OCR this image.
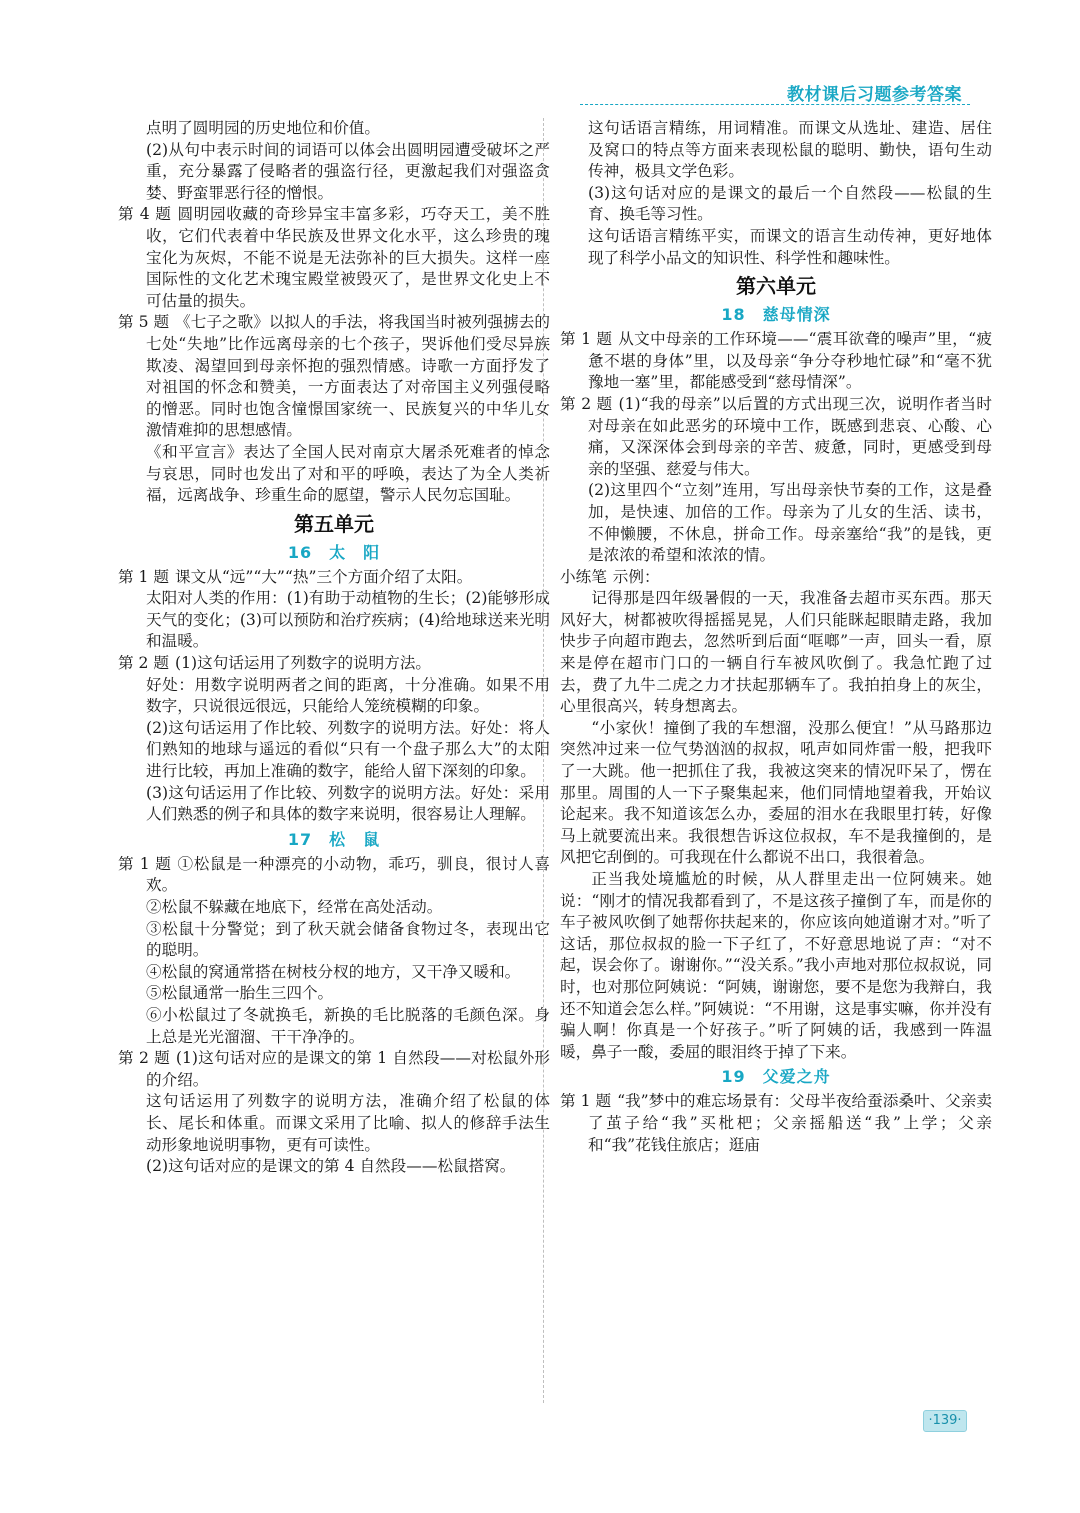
教材课后习题参考答案

点明了圆明园的历史地位和价值。

(2)从句中表示时间的词语可以体会出圆明园遭受破坏之严重，充分暴露了侵略者的强盗行径，更激起我们对强盗贪婪、野蛮罪恶行径的憎恨。

第 4 题 圆明园收藏的奇珍异宝丰富多彩，巧夺天工，美不胜收，它们代表着中华民族及世界文化水平，这么珍贵的瑰宝化为灰烬，不能不说是无法弥补的巨大损失。这样一座国际性的文化艺术瑰宝殿堂被毁灭了，是世界文化史上不可估量的损失。

第 5 题 《七子之歌》以拟人的手法，将我国当时被列强掳去的七处“失地”比作远离母亲的七个孩子，哭诉他们受尽异族欺凌、渴望回到母亲怀抱的强烈情感。诗歌一方面抒发了对祖国的怀念和赞美，一方面表达了对帝国主义列强侵略的憎恶。同时也饱含憧憬国家统一、民族复兴的中华儿女激情难抑的思想感情。

《和平宣言》表达了全国人民对南京大屠杀死难者的悼念与哀思，同时也发出了对和平的呼唤，表达了为全人类祈福，远离战争、珍重生命的愿望，警示人民勿忘国耻。

第五单元
16　太　阳

第 1 题 课文从“远”“大”“热”三个方面介绍了太阳。

太阳对人类的作用：(1)有助于动植物的生长；(2)能够形成天气的变化；(3)可以预防和治疗疾病；(4)给地球送来光明和温暖。

第 2 题 (1)这句话运用了列数字的说明方法。

好处：用数字说明两者之间的距离，十分准确。如果不用数字，只说很远很远，只能给人笼统模糊的印象。

(2)这句话运用了作比较、列数字的说明方法。好处：将人们熟知的地球与遥远的看似“只有一个盘子那么大”的太阳进行比较，再加上准确的数字，能给人留下深刻的印象。

(3)这句话运用了作比较、列数字的说明方法。好处：采用人们熟悉的例子和具体的数字来说明，很容易让人理解。

17　松　鼠

第 1 题 ①松鼠是一种漂亮的小动物，乖巧，驯良，很讨人喜欢。

②松鼠不躲藏在地底下，经常在高处活动。

③松鼠十分警觉；到了秋天就会储备食物过冬，表现出它的聪明。

④松鼠的窝通常搭在树枝分杈的地方，又干净又暖和。

⑤松鼠通常一胎生三四个。

⑥小松鼠过了冬就换毛，新换的毛比脱落的毛颜色深。身上总是光光溜溜、干干净净的。

第 2 题 (1)这句话对应的是课文的第 1 自然段——对松鼠外形的介绍。

这句话运用了列数字的说明方法，准确介绍了松鼠的体长、尾长和体重。而课文采用了比喻、拟人的修辞手法生动形象地说明事物，更有可读性。

(2)这句话对应的是课文的第 4 自然段——松鼠搭窝。

这句话语言精练，用词精准。而课文从选址、建造、居住及窝口的特点等方面来表现松鼠的聪明、勤快，语句生动传神，极具文学色彩。

(3)这句话对应的是课文的最后一个自然段——松鼠的生育、换毛等习性。

这句话语言精练平实，而课文的语言生动传神，更好地体现了科学小品文的知识性、科学性和趣味性。

第六单元
18　慈母情深

第 1 题 从文中母亲的工作环境——“震耳欲聋的噪声”里，“疲惫不堪的身体”里，以及母亲“争分夺秒地忙碌”和“毫不犹豫地一塞”里，都能感受到“慈母情深”。

第 2 题 (1)“我的母亲”以后置的方式出现三次，说明作者当时对母亲在如此恶劣的环境中工作，既感到悲哀、心酸、心痛，又深深体会到母亲的辛苦、疲惫，同时，更感受到母亲的坚强、慈爱与伟大。

(2)这里四个“立刻”连用，写出母亲快节奏的工作，这是叠加，是快速、加倍的工作。母亲为了儿女的生活、读书，不伸懒腰，不休息，拼命工作。母亲塞给“我”的是钱，更是浓浓的希望和浓浓的情。

小练笔 示例：

记得那是四年级暑假的一天，我准备去超市买东西。那天风好大，树都被吹得摇摇晃晃，人们只能眯起眼睛走路，我加快步子向超市跑去，忽然听到后面“哐啷”一声，回头一看，原来是停在超市门口的一辆自行车被风吹倒了。我急忙跑了过去，费了九牛二虎之力才扶起那辆车了。我拍拍身上的灰尘，心里很高兴，转身想离去。

“小家伙！撞倒了我的车想溜，没那么便宜！”从马路那边突然冲过来一位气势汹汹的叔叔，吼声如同炸雷一般，把我吓了一大跳。他一把抓住了我，我被这突来的情况吓呆了，愣在那里。周围的人一下子聚集起来，他们同情地望着我，开始议论起来。我不知道该怎么办，委屈的泪水在我眼里打转，好像马上就要流出来。我很想告诉这位叔叔，车不是我撞倒的，是风把它刮倒的。可我现在什么都说不出口，我很着急。

正当我处境尴尬的时候，从人群里走出一位阿姨来。她说：“刚才的情况我都看到了，不是这孩子撞倒了车，而是你的车子被风吹倒了她帮你扶起来的，你应该向她道谢才对。”听了这话，那位叔叔的脸一下子红了，不好意思地说了声：“对不起，误会你了。谢谢你。”“没关系。”我小声地对那位叔叔说，同时，也对那位阿姨说：“阿姨，谢谢您，要不是您为我辩白，我还不知道会怎么样。”阿姨说：“不用谢，这是事实嘛，你并没有骗人啊！你真是一个好孩子。”听了阿姨的话，我感到一阵温暖，鼻子一酸，委屈的眼泪终于掉了下来。

19　父爱之舟

第 1 题 “我”梦中的难忘场景有：父母半夜给蚕添桑叶、父亲卖了茧子给“我”买枇杷；父亲摇船送“我”上学；父亲和“我”花钱住旅店；逛庙

·139·
